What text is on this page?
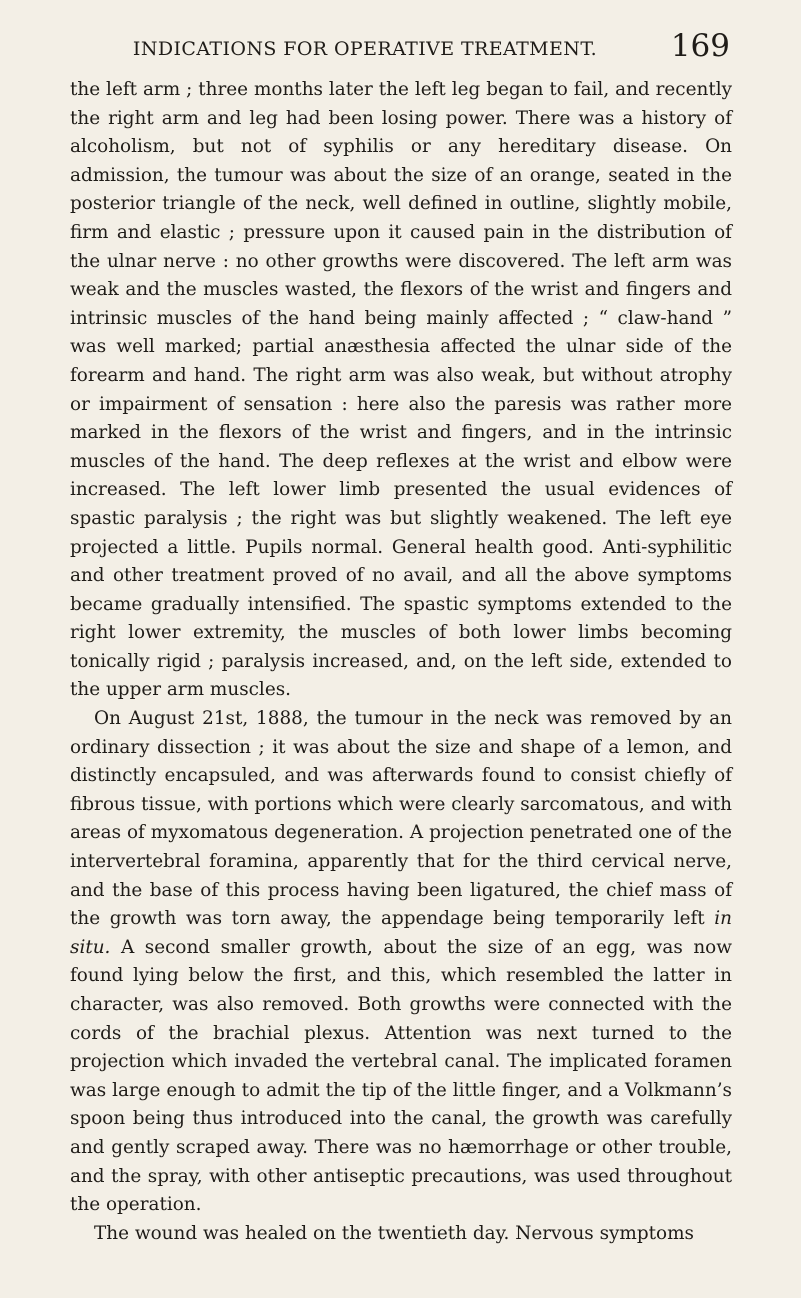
INDICATIONS FOR OPERATIVE TREATMENT.	169

the left arm ; three months later the left leg began to fail, and recently the right arm and leg had been losing power. There was a history of alcoholism, but not of syphilis or any hereditary disease. On admission, the tumour was about the size of an orange, seated in the posterior triangle of the neck, well defined in outline, slightly mobile, firm and elastic ; pressure upon it caused pain in the distribution of the ulnar nerve : no other growths were discovered. The left arm was weak and the muscles wasted, the flexors of the wrist and fingers and intrinsic muscles of the hand being mainly affected ; “ claw-hand ” was well marked; partial anæsthesia affected the ulnar side of the forearm and hand. The right arm was also weak, but without atrophy or impairment of sensation : here also the paresis was rather more marked in the flexors of the wrist and fingers, and in the intrinsic muscles of the hand. The deep reflexes at the wrist and elbow were increased. The left lower limb presented the usual evidences of spastic paralysis ; the right was but slightly weakened. The left eye projected a little. Pupils normal. General health good. Anti-syphilitic and other treatment proved of no avail, and all the above symptoms became gradually intensified. The spastic symptoms extended to the right lower extremity, the muscles of both lower limbs becoming tonically rigid ; paralysis increased, and, on the left side, extended to the upper arm muscles.

On August 21st, 1888, the tumour in the neck was removed by an ordinary dissection ; it was about the size and shape of a lemon, and distinctly encapsuled, and was afterwards found to consist chiefly of fibrous tissue, with portions which were clearly sarcomatous, and with areas of myxomatous degeneration. A projection penetrated one of the intervertebral foramina, apparently that for the third cervical nerve, and the base of this process having been ligatured, the chief mass of the growth was torn away, the appendage being temporarily left in situ. A second smaller growth, about the size of an egg, was now found lying below the first, and this, which resembled the latter in character, was also removed. Both growths were connected with the cords of the brachial plexus. Attention was next turned to the projection which invaded the vertebral canal. The implicated foramen was large enough to admit the tip of the little finger, and a Volkmann’s spoon being thus introduced into the canal, the growth was carefully and gently scraped away. There was no hæmorrhage or other trouble, and the spray, with other antiseptic precautions, was used throughout the operation.

The wound was healed on the twentieth day. Nervous symptoms
